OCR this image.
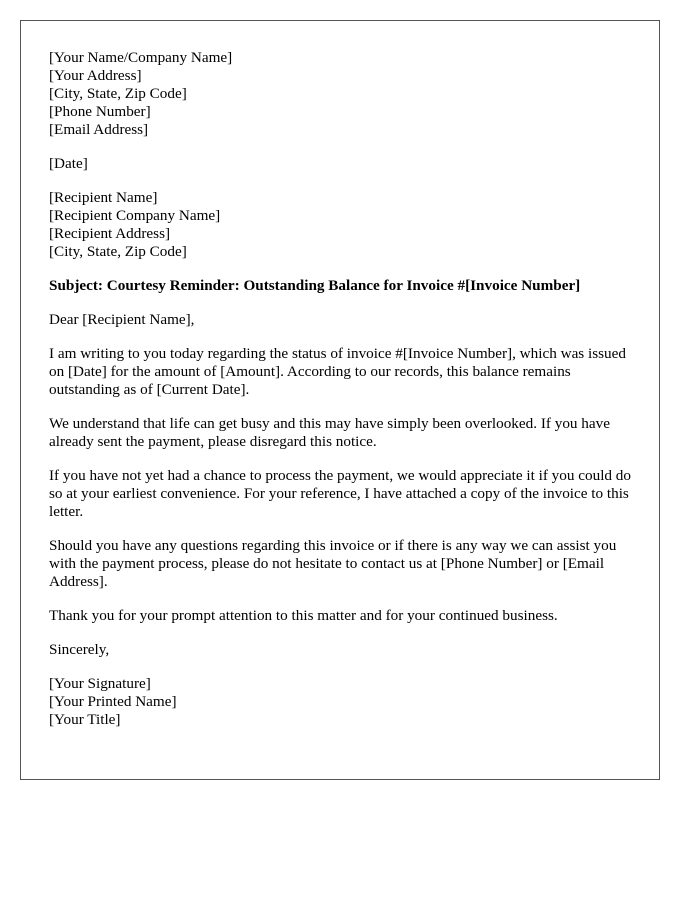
[Your Name/Company Name]
[Your Address]
[City, State, Zip Code]
[Phone Number]
[Email Address]
[Date]
[Recipient Name]
[Recipient Company Name]
[Recipient Address]
[City, State, Zip Code]
Subject: Courtesy Reminder: Outstanding Balance for Invoice #[Invoice Number]
Dear [Recipient Name],
I am writing to you today regarding the status of invoice #[Invoice Number], which was issued on [Date] for the amount of [Amount]. According to our records, this balance remains outstanding as of [Current Date].
We understand that life can get busy and this may have simply been overlooked. If you have already sent the payment, please disregard this notice.
If you have not yet had a chance to process the payment, we would appreciate it if you could do so at your earliest convenience. For your reference, I have attached a copy of the invoice to this letter.
Should you have any questions regarding this invoice or if there is any way we can assist you with the payment process, please do not hesitate to contact us at [Phone Number] or [Email Address].
Thank you for your prompt attention to this matter and for your continued business.
Sincerely,
[Your Signature]
[Your Printed Name]
[Your Title]
